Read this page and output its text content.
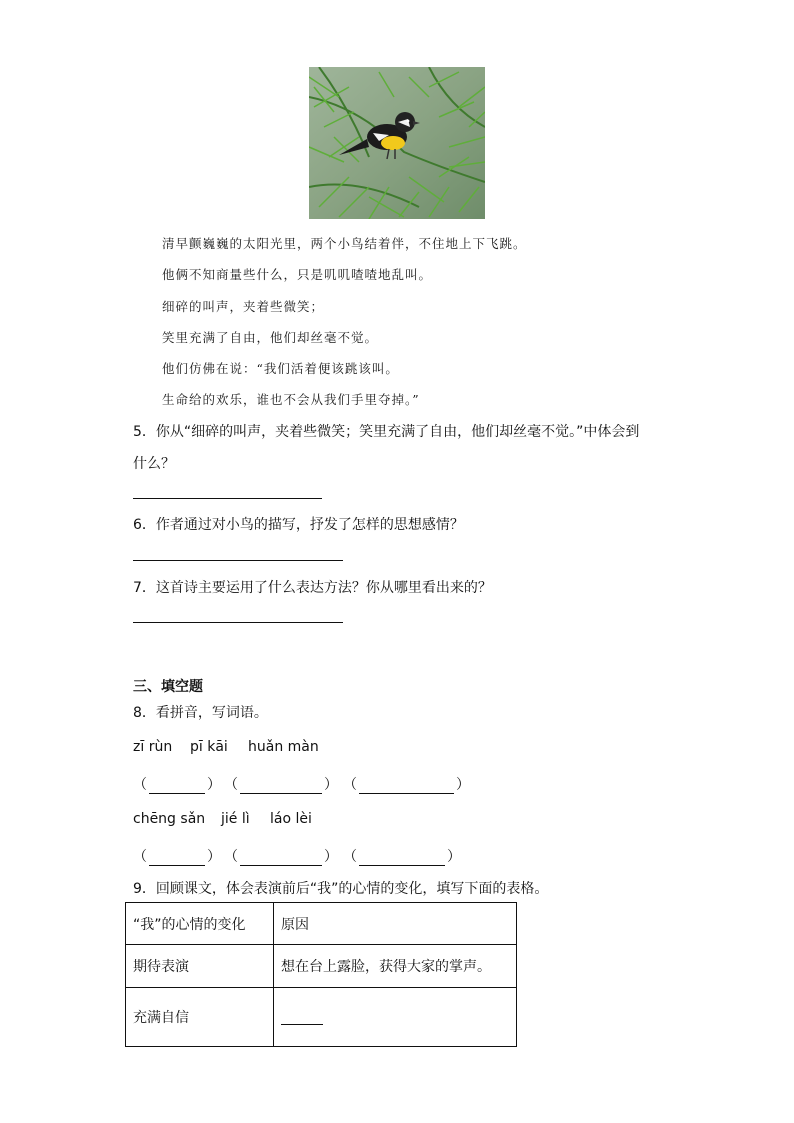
清早颤巍巍的太阳光里，两个小鸟结着伴，不住地上下飞跳。
他俩不知商量些什么，只是叽叽喳喳地乱叫。
细碎的叫声，夹着些微笑；
笑里充满了自由，他们却丝毫不觉。
他们仿佛在说：“我们活着便该跳该叫。
生命给的欢乐，谁也不会从我们手里夺掉。”
5．你从“细碎的叫声，夹着些微笑；笑里充满了自由，他们却丝毫不觉。”中体会到
什么？
6．作者通过对小鸟的描写，抒发了怎样的思想感情？
7．这首诗主要运用了什么表达方法？你从哪里看出来的？
三、填空题
8．看拼音，写词语。
zī rùn pī kāi huǎn màn
（	） （	） （	）
chēng sǎn jié lì láo lèi
（	） （	） （	）
9．回顾课文，体会表演前后“我”的心情的变化，填写下面的表格。
“我”的心情的变化	原因
期待表演	想在台上露脸，获得大家的掌声。
充满自信	
